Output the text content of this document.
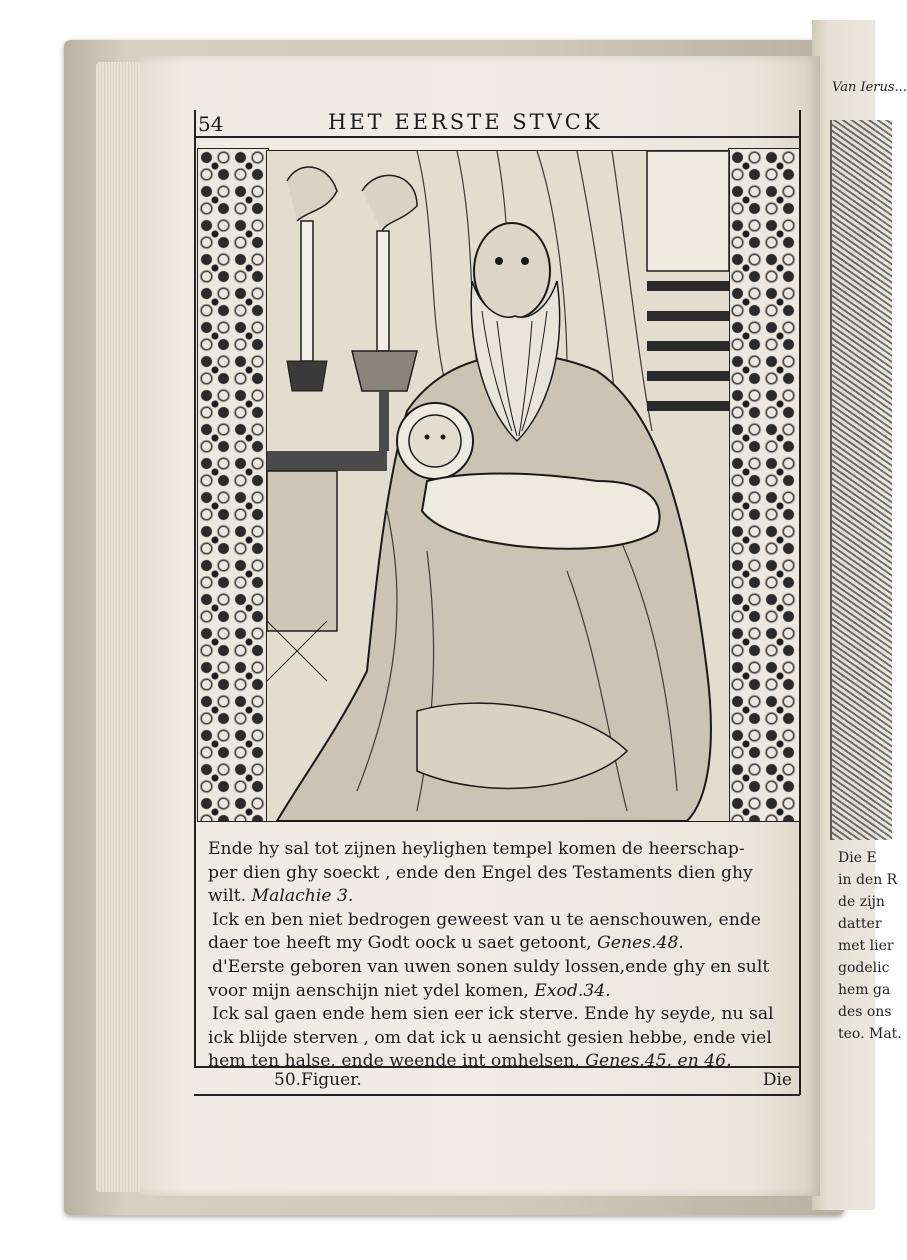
Die E
in den R
de zijn
datter
met lier
godelic
hem ga
des ons
teo. Mat.
Van Ierus...
54	HET EERSTE STVCK
Ende hy sal tot zijnen heylighen tempel komen de heerschap-
per dien ghy soeckt , ende den Engel des Testaments dien ghy
wilt. Malachie 3.
Ick en ben niet bedrogen geweest van u te aenschouwen, ende
daer toe heeft my Godt oock u saet getoont, Genes.48.
d'Eerste geboren van uwen sonen suldy lossen,ende ghy en sult
voor mijn aenschijn niet ydel komen, Exod.34.
Ick sal gaen ende hem sien eer ick sterve. Ende hy seyde, nu sal
ick blijde sterven , om dat ick u aensicht gesien hebbe, ende viel
hem ten halse, ende weende int omhelsen, Genes.45. en 46.
50.Figuer.	Die
